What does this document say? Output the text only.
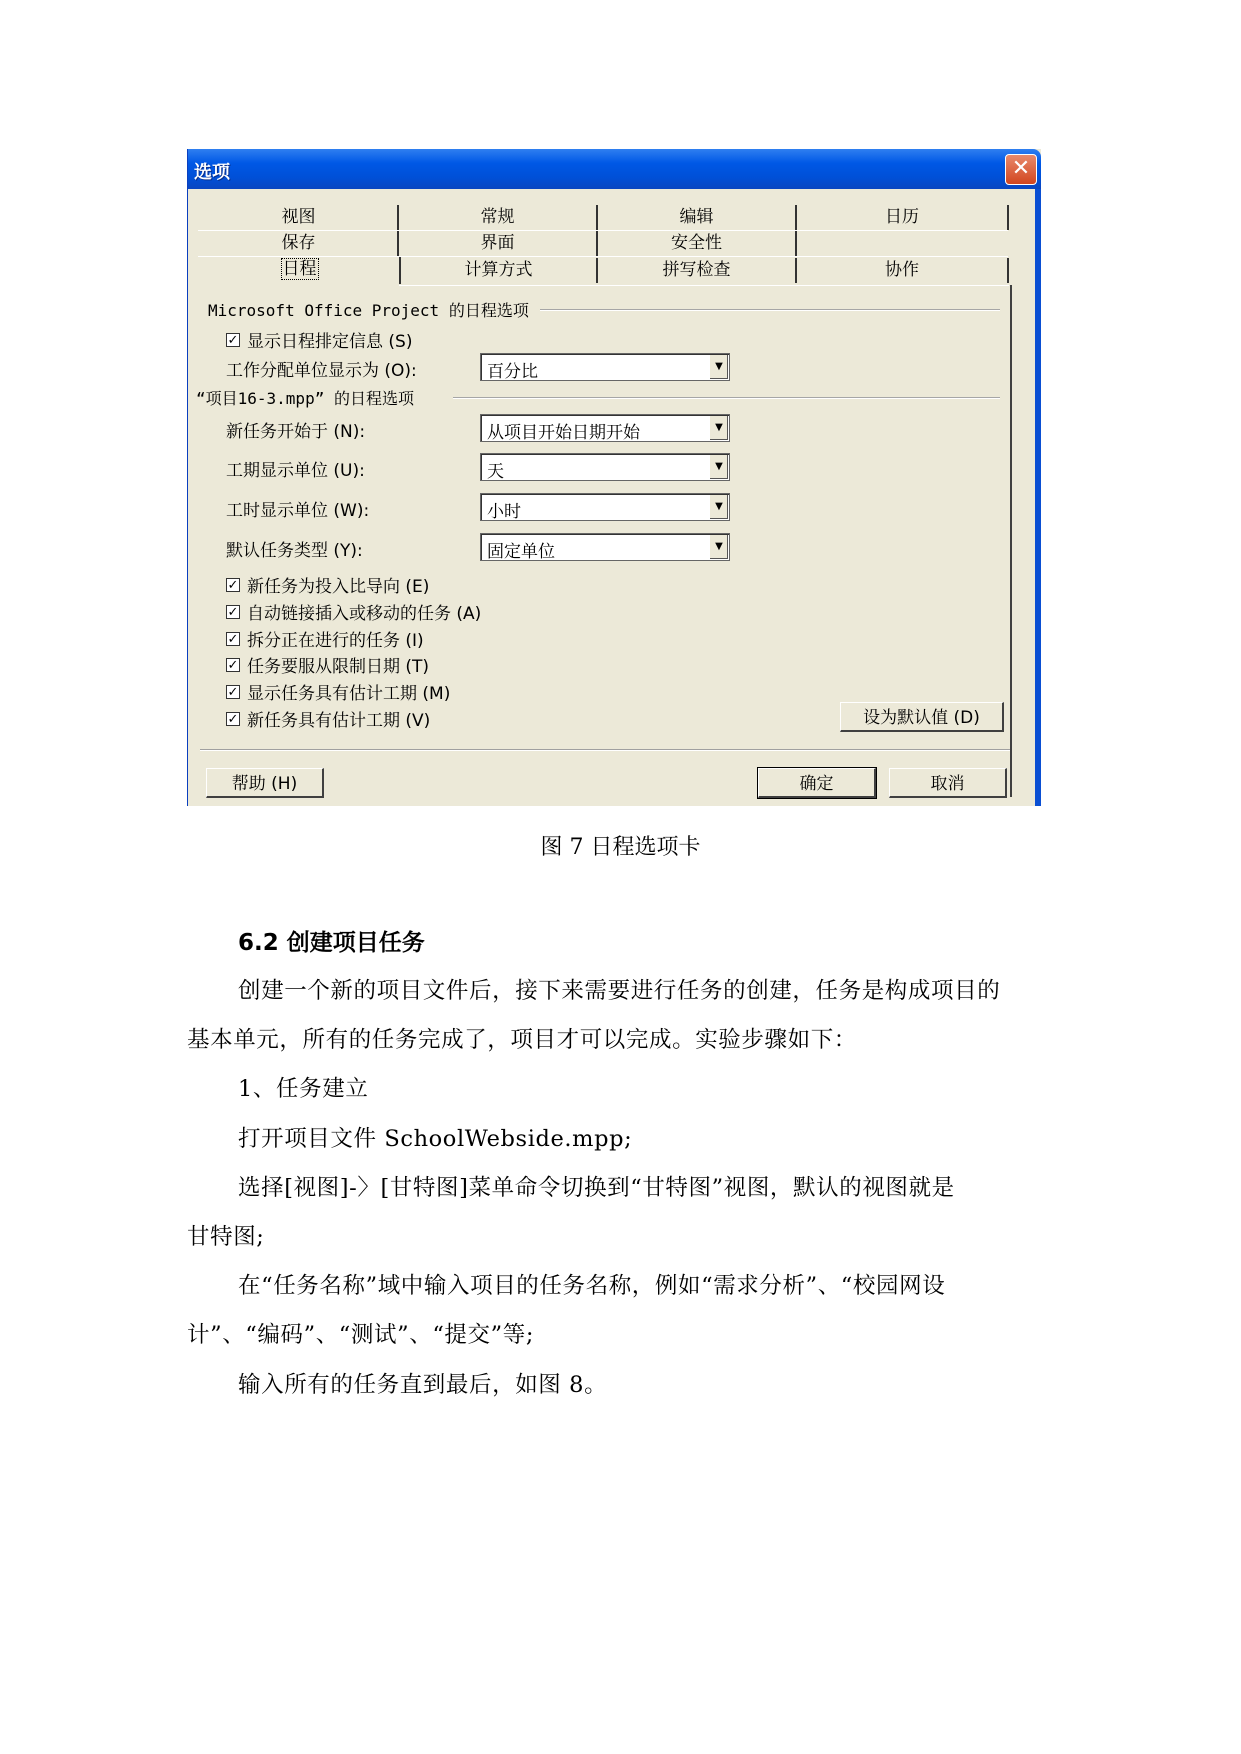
选项	✕
视图	常规	编辑	日历
保存	界面	安全性
日程	计算方式	拼写检查	协作
Microsoft Office Project 的日程选项
✓ 显示日程排定信息 (S)
工作分配单位显示为 (O):	百分比	▼
“项目16-3.mpp” 的日程选项
新任务开始于 (N):	从项目开始日期开始	▼
工期显示单位 (U):	天	▼
工时显示单位 (W):	小时	▼
默认任务类型 (Y):	固定单位	▼
✓ 新任务为投入比导向 (E)
✓ 自动链接插入或移动的任务 (A)
✓ 拆分正在进行的任务 (I)
✓ 任务要服从限制日期 (T)
✓ 显示任务具有估计工期 (M)
✓ 新任务具有估计工期 (V)	设为默认值 (D)
帮助 (H)	确定	取消
图 7 日程选项卡
6.2 创建项目任务
创建一个新的项目文件后，接下来需要进行任务的创建，任务是构成项目的
基本单元，所有的任务完成了，项目才可以完成。实验步骤如下：
1、任务建立
打开项目文件 SchoolWebside.mpp;
选择[视图]-〉[甘特图]菜单命令切换到“甘特图”视图，默认的视图就是
甘特图;
在“任务名称”域中输入项目的任务名称，例如“需求分析”、“校园网设
计”、“编码”、“测试”、“提交”等;
输入所有的任务直到最后，如图 8。
